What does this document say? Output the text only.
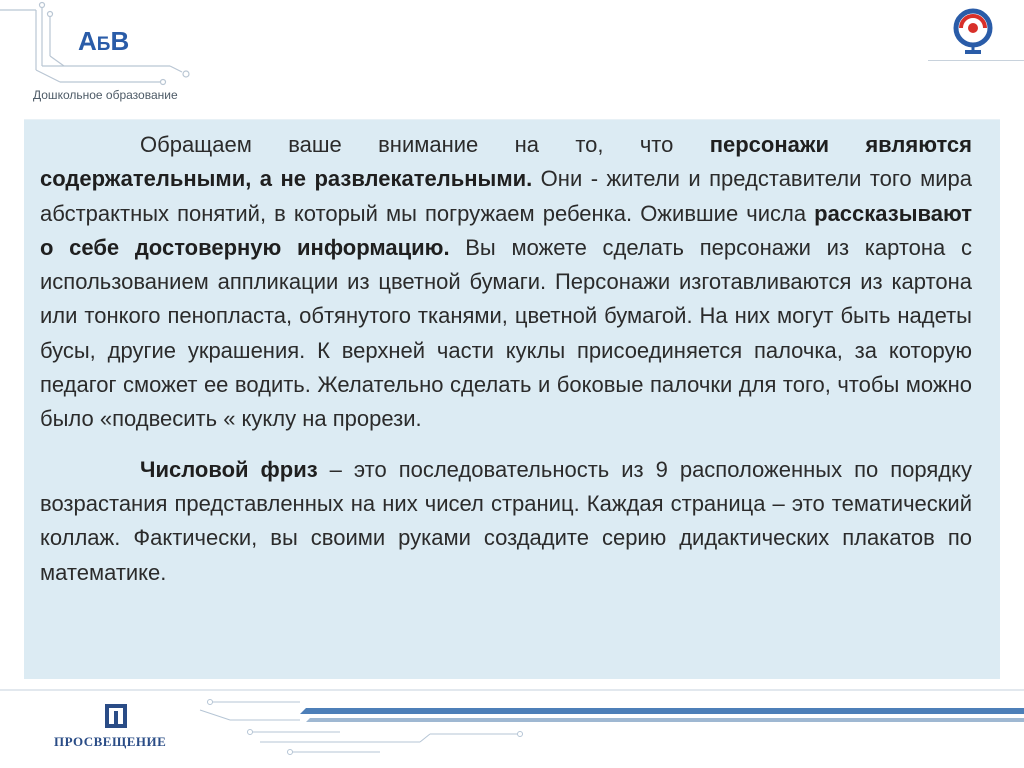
АБВ
Дошкольное образование

Обращаем ваше внимание на то, что персонажи являются содержательными, а не развлекательными. Они - жители и представители того мира абстрактных понятий, в который мы погружаем ребенка. Ожившие числа рассказывают о себе достоверную информацию. Вы можете сделать персонажи из картона с использованием аппликации из цветной бумаги. Персонажи изготавливаются из картона или тонкого пенопласта, обтянутого тканями, цветной бумагой. На них могут быть надеты бусы, другие украшения. К верхней части куклы присоединяется палочка, за которую педагог сможет ее водить. Желательно сделать и боковые палочки для того, чтобы можно было «подвесить « куклу на прорези.

Числовой фриз – это последовательность из 9 расположенных по порядку возрастания представленных на них чисел страниц. Каждая страница – это тематический коллаж. Фактически, вы своими руками создадите серию дидактических плакатов по математике.

ПРОСВЕЩЕНИЕ
